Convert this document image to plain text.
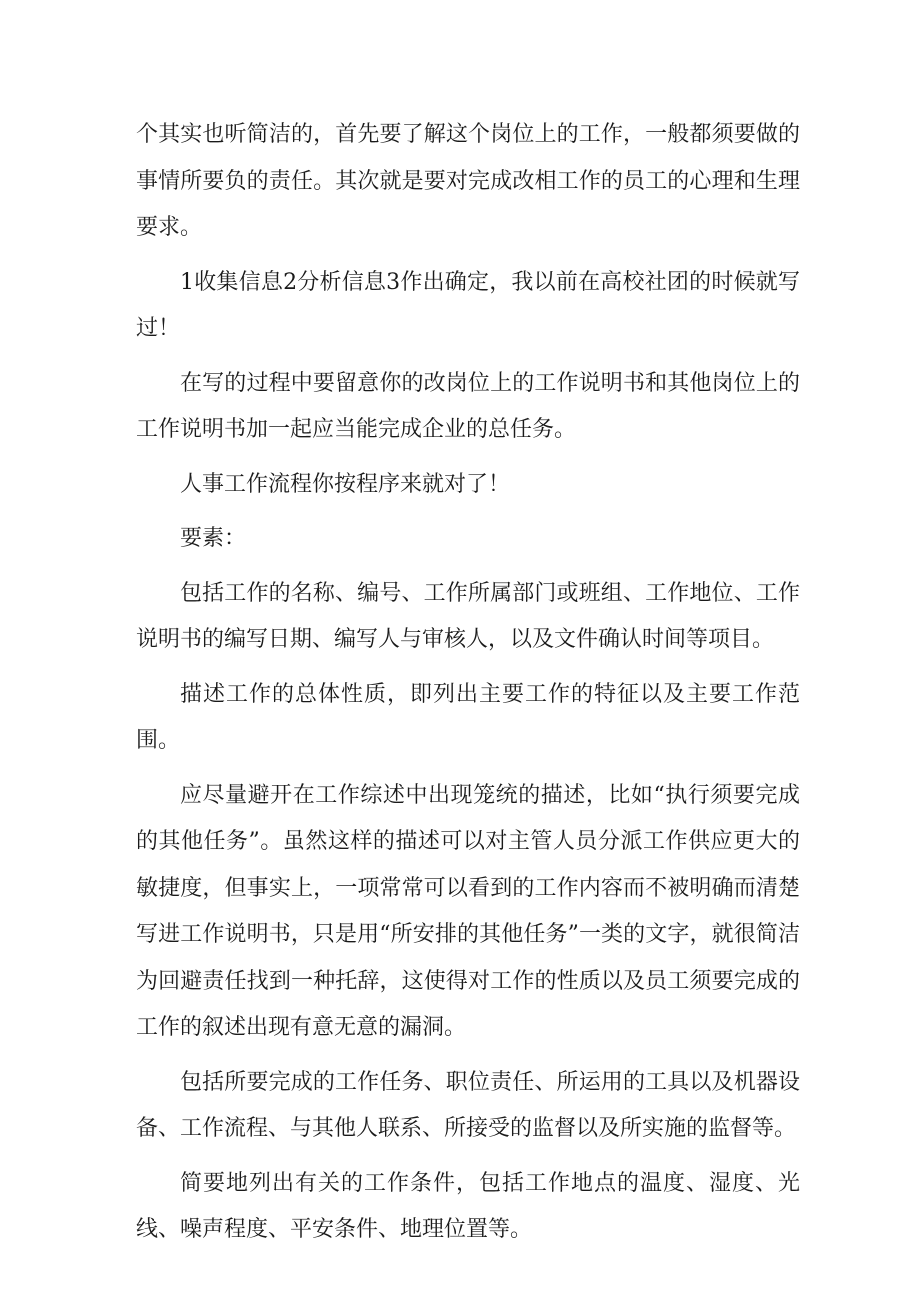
个其实也听简洁的，首先要了解这个岗位上的工作，一般都须要做的事情所要负的责任。其次就是要对完成改相工作的员工的心理和生理要求。

1收集信息2分析信息3作出确定，我以前在高校社团的时候就写过！

在写的过程中要留意你的改岗位上的工作说明书和其他岗位上的工作说明书加一起应当能完成企业的总任务。

人事工作流程你按程序来就对了！

要素：

包括工作的名称、编号、工作所属部门或班组、工作地位、工作说明书的编写日期、编写人与审核人，以及文件确认时间等项目。

描述工作的总体性质，即列出主要工作的特征以及主要工作范围。

应尽量避开在工作综述中出现笼统的描述，比如“执行须要完成的其他任务”。虽然这样的描述可以对主管人员分派工作供应更大的敏捷度，但事实上，一项常常可以看到的工作内容而不被明确而清楚写进工作说明书，只是用“所安排的其他任务”一类的文字，就很简洁为回避责任找到一种托辞，这使得对工作的性质以及员工须要完成的工作的叙述出现有意无意的漏洞。

包括所要完成的工作任务、职位责任、所运用的工具以及机器设备、工作流程、与其他人联系、所接受的监督以及所实施的监督等。

简要地列出有关的工作条件，包括工作地点的温度、湿度、光线、噪声程度、平安条件、地理位置等。
